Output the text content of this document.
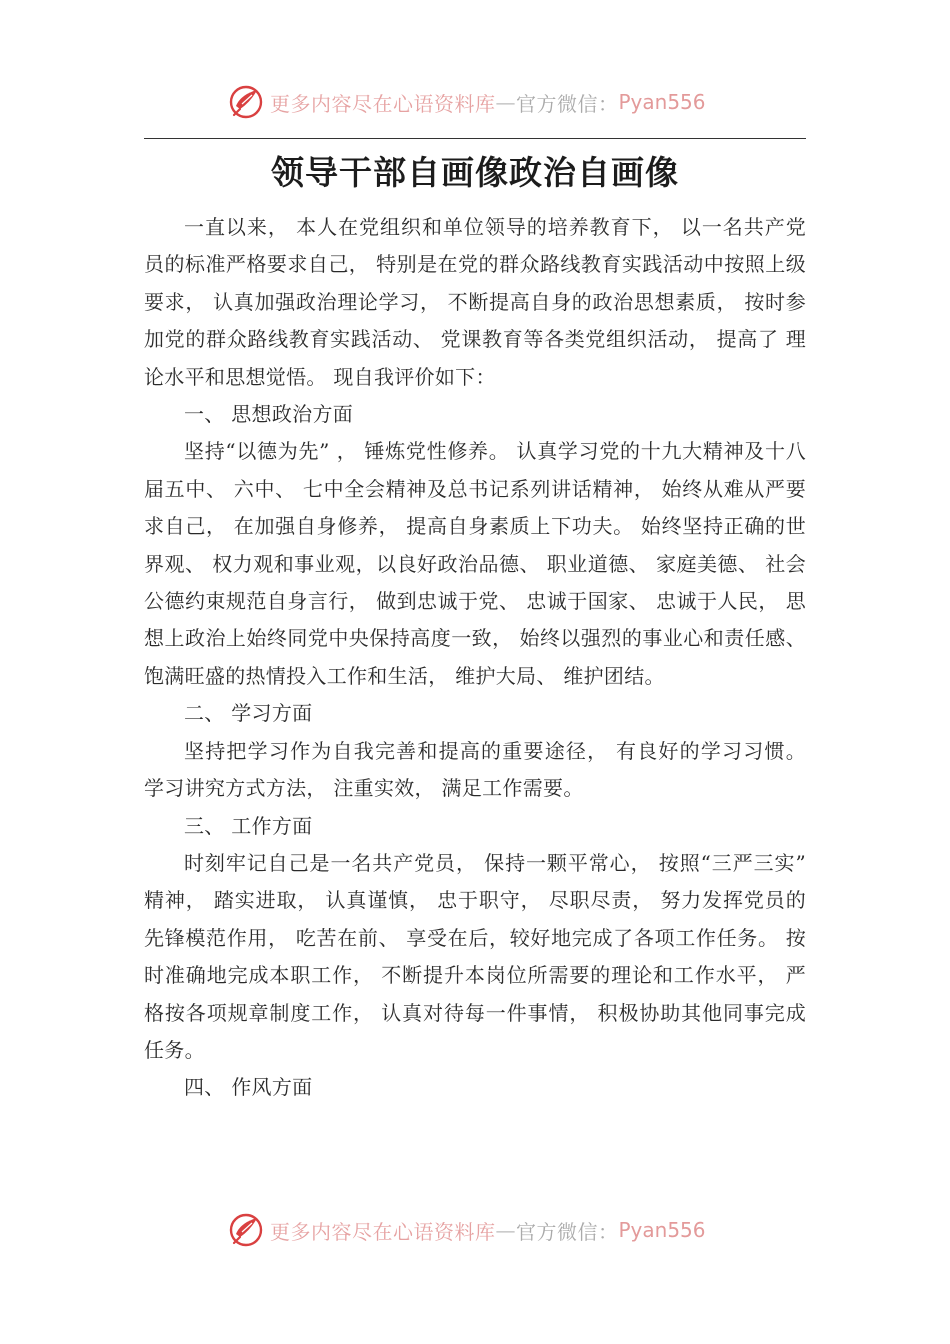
更多内容尽在心语资料库 — 官方微信： Pyan556
领导干部自画像政治自画像

一直以来， 本人在党组织和单位领导的培养教育下， 以一名共产党员的标准严格要求自己， 特别是在党的群众路线教育实践活动中按照上级要求， 认真加强政治理论学习， 不断提高自身的政治思想素质， 按时参加党的群众路线教育实践活动、 党课教育等各类党组织活动， 提高了 理论水平和思想觉悟。 现自我评价如下：

一、 思想政治方面

坚持“以德为先” ， 锤炼党性修养。 认真学习党的十九大精神及十八届五中、 六中、 七中全会精神及总书记系列讲话精神， 始终从难从严要求自己， 在加强自身修养， 提高自身素质上下功夫。 始终坚持正确的世界观、 权力观和事业观，以良好政治品德、 职业道德、 家庭美德、 社会公德约束规范自身言行， 做到忠诚于党、 忠诚于国家、 忠诚于人民， 思想上政治上始终同党中央保持高度一致， 始终以强烈的事业心和责任感、 饱满旺盛的热情投入工作和生活， 维护大局、 维护团结。

二、 学习方面

坚持把学习作为自我完善和提高的重要途径， 有良好的学习习惯。 学习讲究方式方法， 注重实效， 满足工作需要。

三、 工作方面

时刻牢记自己是一名共产党员， 保持一颗平常心， 按照“三严三实” 精神， 踏实进取， 认真谨慎， 忠于职守， 尽职尽责， 努力发挥党员的先锋模范作用， 吃苦在前、 享受在后，较好地完成了各项工作任务。 按时准确地完成本职工作， 不断提升本岗位所需要的理论和工作水平， 严格按各项规章制度工作， 认真对待每一件事情， 积极协助其他同事完成任务。

四、 作风方面

更多内容尽在心语资料库 — 官方微信： Pyan556
